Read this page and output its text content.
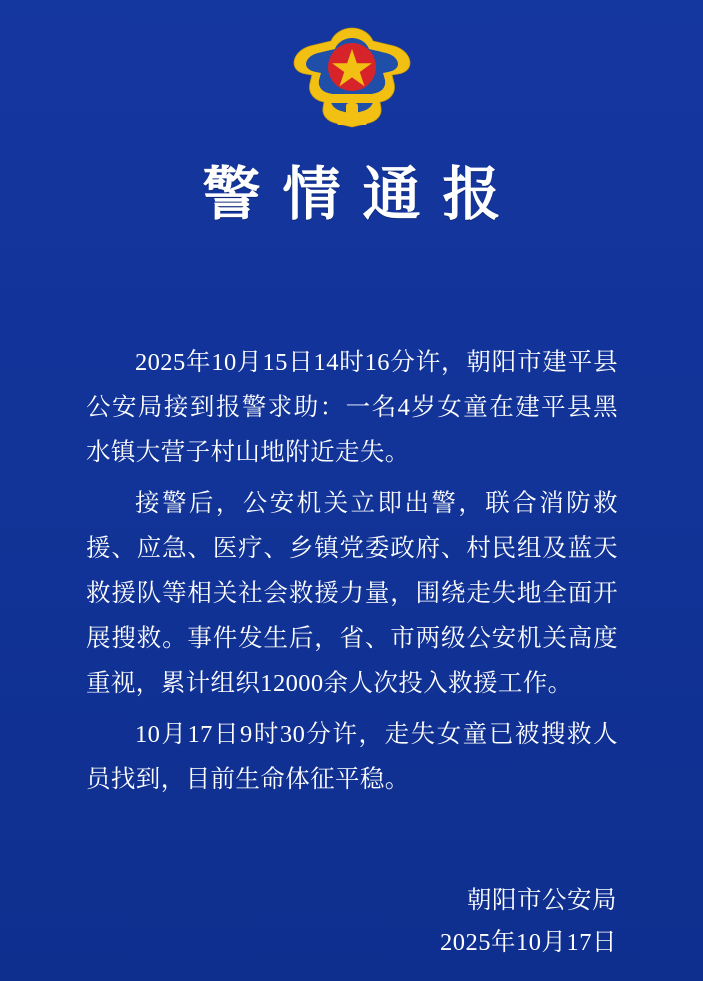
警情通报

2025年10月15日14时16分许，朝阳市建平县公安局接到报警求助：一名4岁女童在建平县黑水镇大营子村山地附近走失。

接警后，公安机关立即出警，联合消防救援、应急、医疗、乡镇党委政府、村民组及蓝天救援队等相关社会救援力量，围绕走失地全面开展搜救。事件发生后，省、市两级公安机关高度重视，累计组织12000余人次投入救援工作。

10月17日9时30分许，走失女童已被搜救人员找到，目前生命体征平稳。

朝阳市公安局
2025年10月17日
